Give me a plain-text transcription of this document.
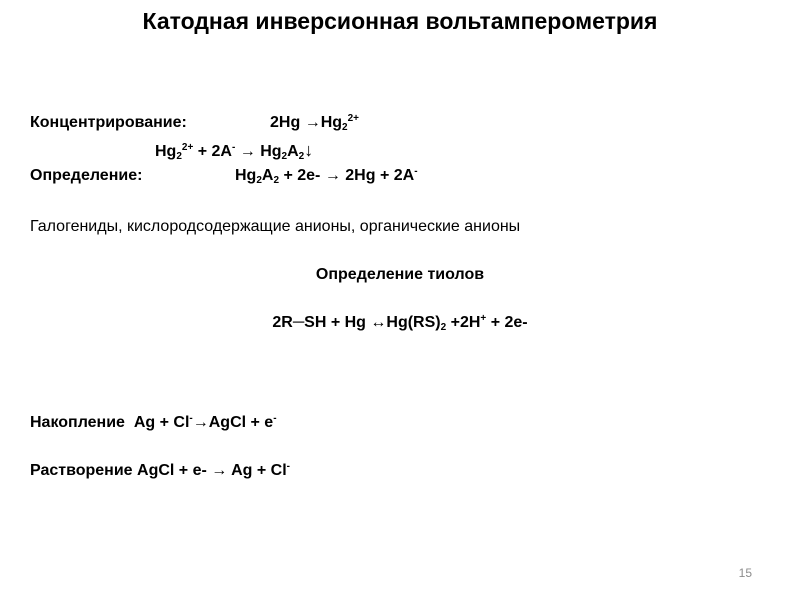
Катодная инверсионная вольтамперометрия
Концентрирование:	$2Hg \to Hg_2^{2+}$
$Hg_2^{2+} + 2A^-$ → $Hg_2A_2↓$
Определение:	$Hg_2A_2 + 2e- \to 2Hg + 2A^-$
Галогениды, кислородсодержащие анионы, органические анионы
Определение тиолов
2R─SH + Hg $\leftrightarrow Hg(RS)_2 +2H^+ + 2e-$
Накопление Ag + Cl-→AgCl + e-
Растворение AgCl + e- → Ag + Cl-
15
